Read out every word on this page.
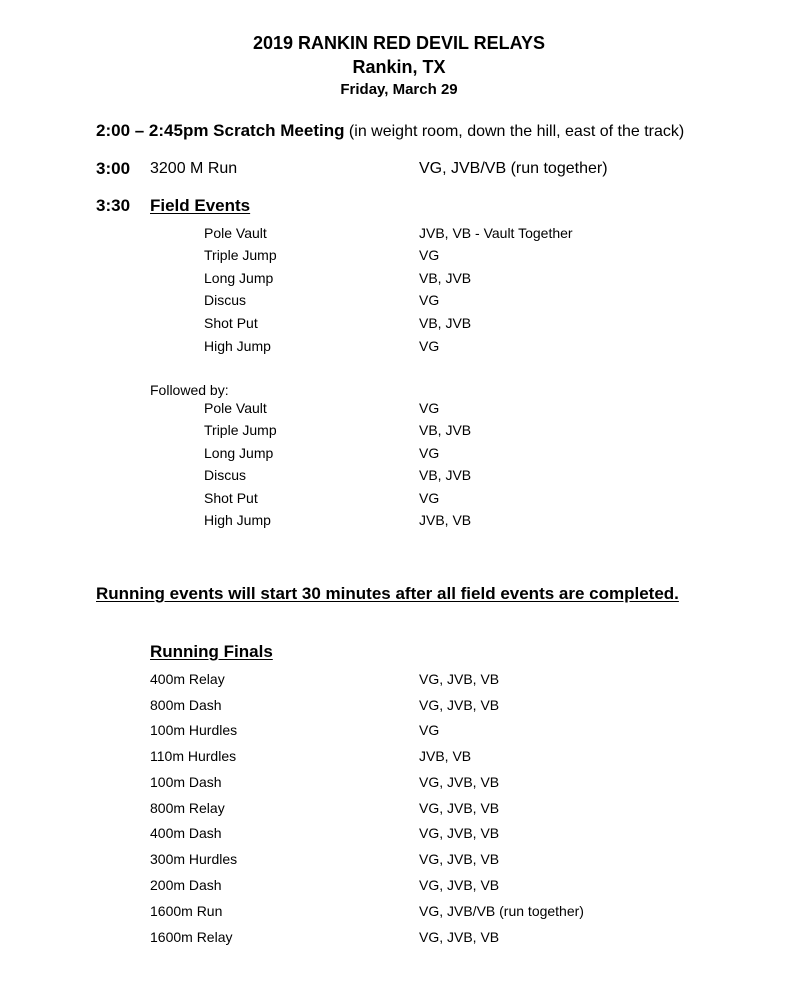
2019 RANKIN RED DEVIL RELAYS
Rankin, TX
Friday, March 29
2:00 – 2:45pm Scratch Meeting (in weight room, down the hill, east of the track)
3:00 3200 M Run	VG, JVB/VB (run together)
3:30 Field Events
Pole Vault	JVB, VB - Vault Together
Triple Jump	VG
Long Jump	VB, JVB
Discus	VG
Shot Put	VB, JVB
High Jump	VG
Followed by:
Pole Vault	VG
Triple Jump	VB, JVB
Long Jump	VG
Discus	VB, JVB
Shot Put	VG
High Jump	JVB, VB
Running events will start 30 minutes after all field events are completed.
Running Finals
400m Relay	VG, JVB, VB
800m Dash	VG, JVB, VB
100m Hurdles	VG
110m Hurdles	JVB, VB
100m Dash	VG, JVB, VB
800m Relay	VG, JVB, VB
400m Dash	VG, JVB, VB
300m Hurdles	VG, JVB, VB
200m Dash	VG, JVB, VB
1600m Run	VG, JVB/VB (run together)
1600m Relay	VG, JVB, VB
